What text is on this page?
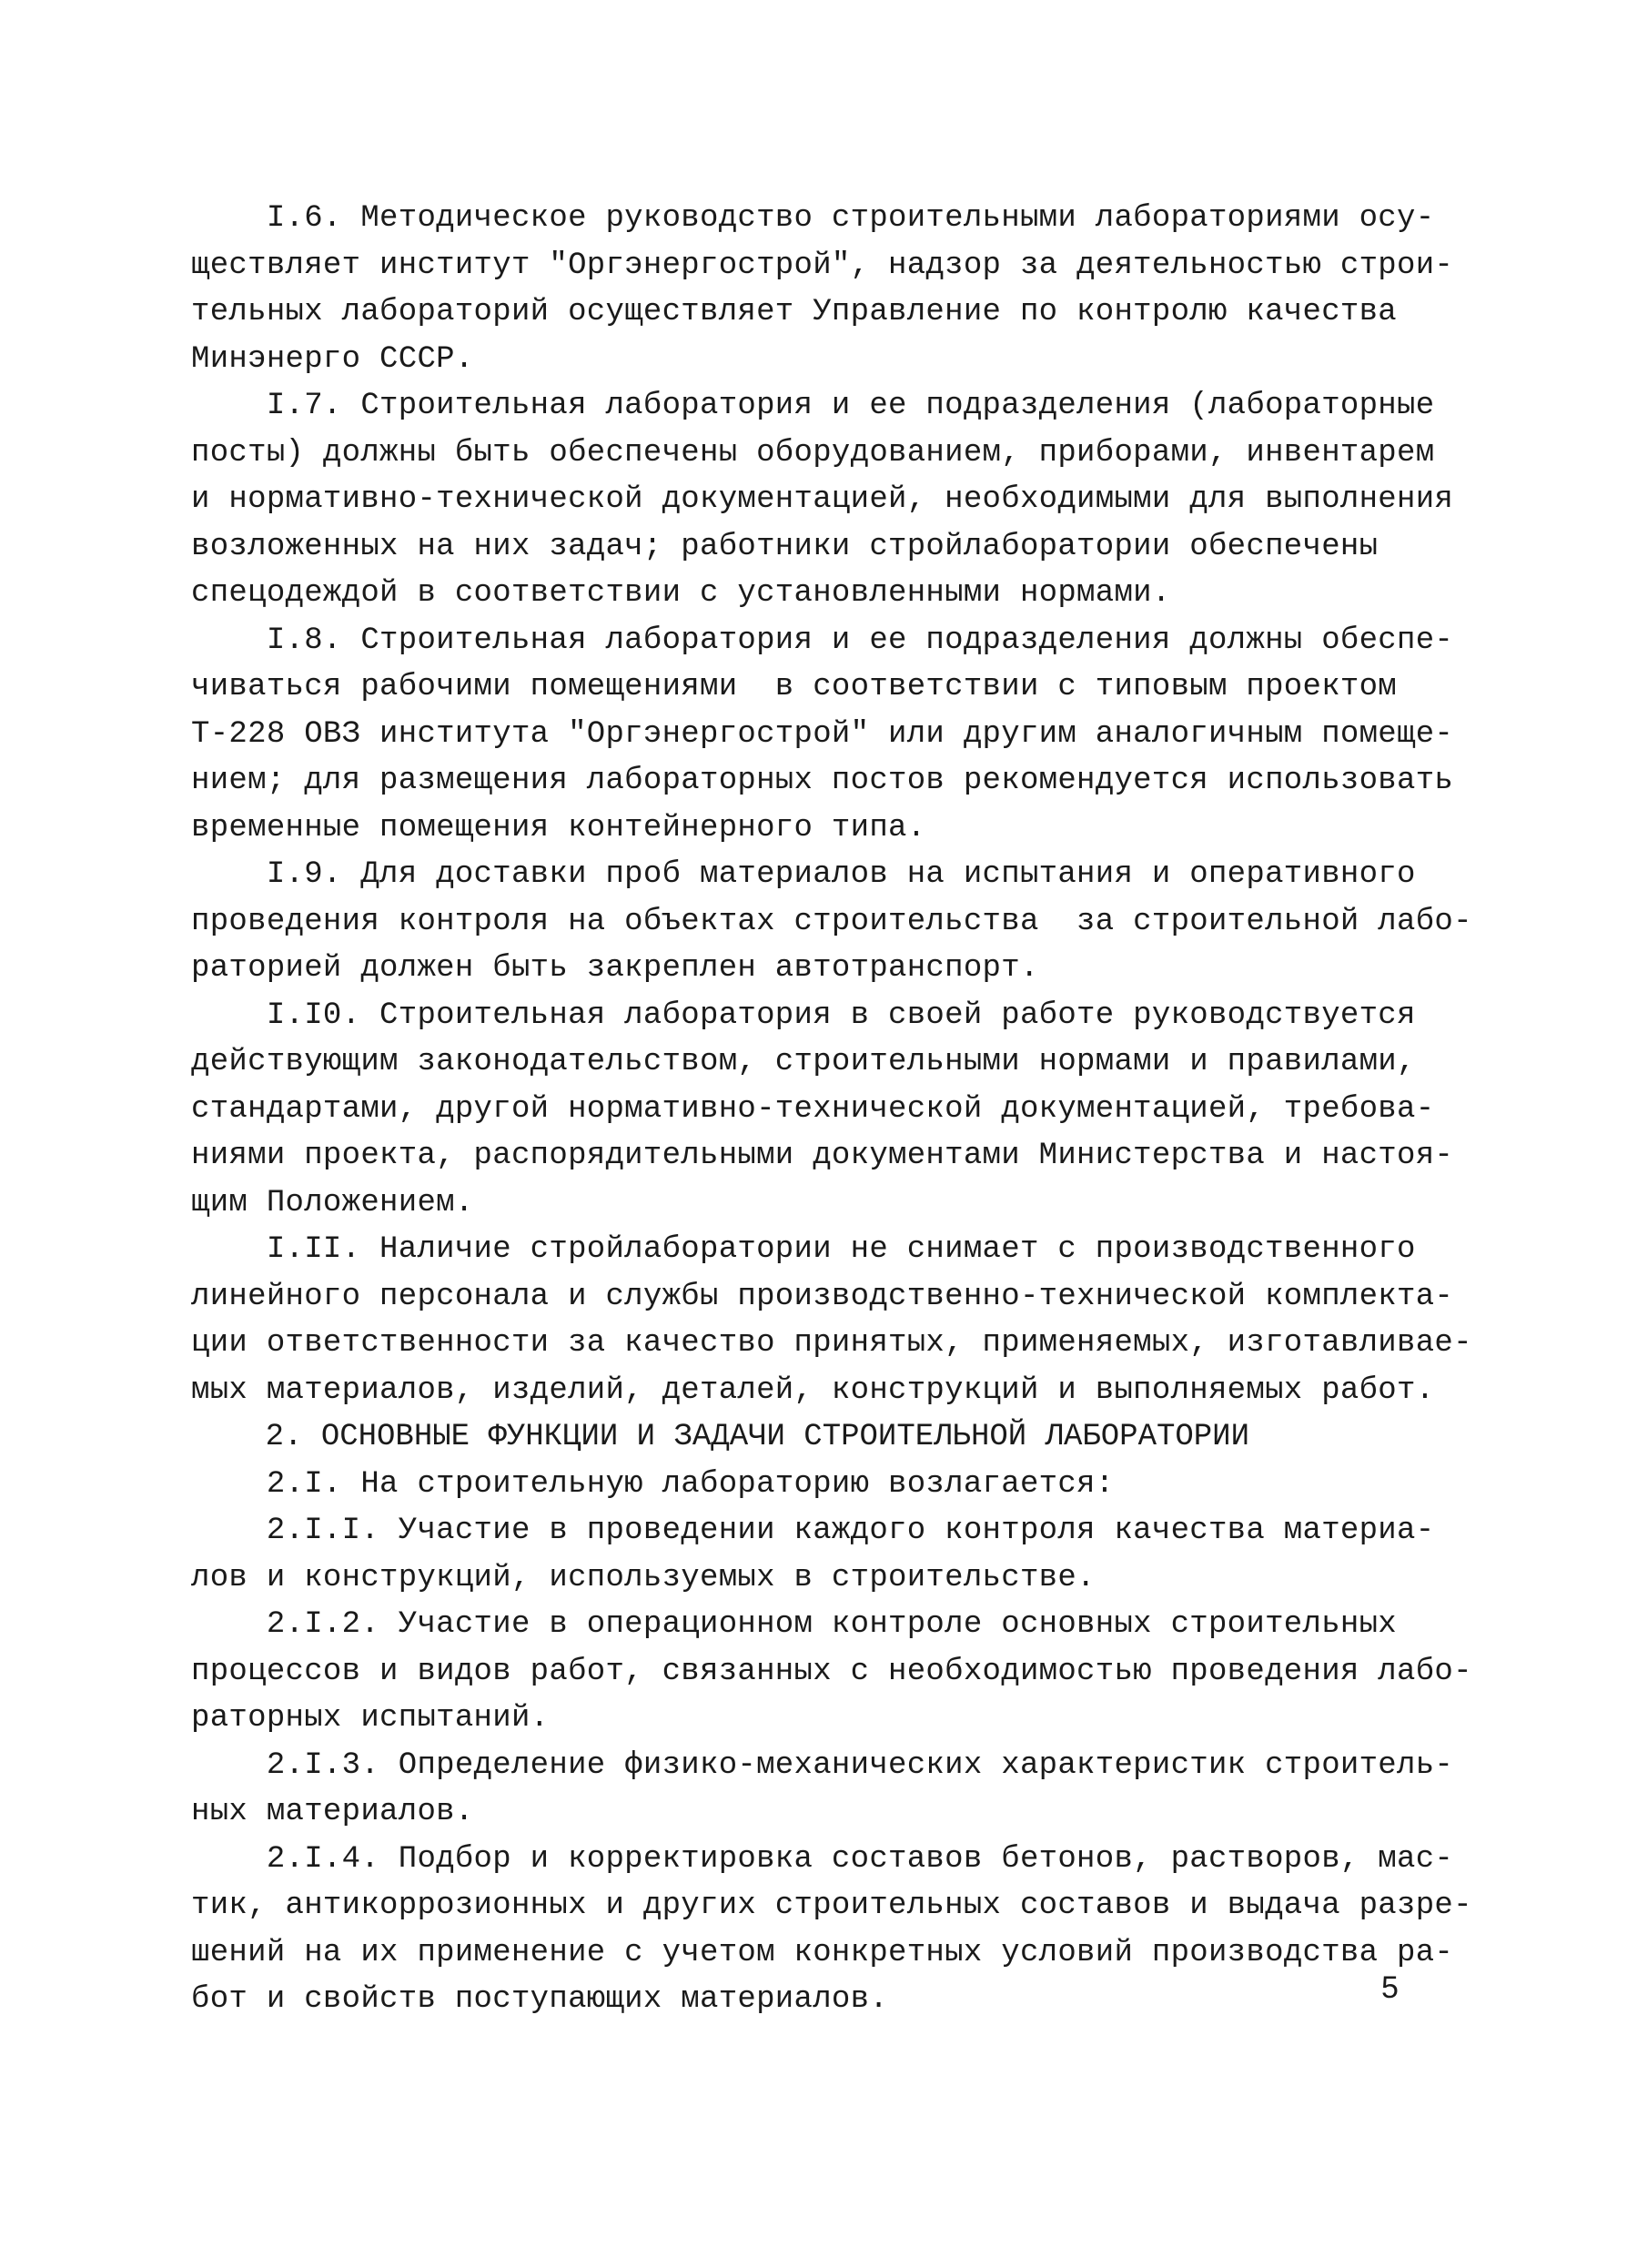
I.6. Методическое руководство строительными лабораториями осу-
ществляет институт "Оргэнергострой", надзор за деятельностью строи-
тельных лабораторий осуществляет Управление по контролю качества
Минэнерго СССР.
I.7. Строительная лаборатория и ее подразделения (лабораторные
посты) должны быть обеспечены оборудованием, приборами, инвентарем
и нормативно-технической документацией, необходимыми для выполнения
возложенных на них задач; работники стройлаборатории обеспечены
спецодеждой в соответствии с установленными нормами.
I.8. Строительная лаборатория и ее подразделения должны обеспе-
чиваться рабочими помещениями  в соответствии с типовым проектом
Т-228 ОВЗ института "Оргэнергострой" или другим аналогичным помеще-
нием; для размещения лабораторных постов рекомендуется использовать
временные помещения контейнерного типа.
I.9. Для доставки проб материалов на испытания и оперативного
проведения контроля на объектах строительства  за строительной лабо-
раторией должен быть закреплен автотранспорт.
I.I0. Строительная лаборатория в своей работе руководствуется
действующим законодательством, строительными нормами и правилами,
стандартами, другой нормативно-технической документацией, требова-
ниями проекта, распорядительными документами Министерства и настоя-
щим Положением.
I.II. Наличие стройлаборатории не снимает с производственного
линейного персонала и службы производственно-технической комплекта-
ции ответственности за качество принятых, применяемых, изготавливае-
мых материалов, изделий, деталей, конструкций и выполняемых работ.
2. ОСНОВНЫЕ ФУНКЦИИ И ЗАДАЧИ СТРОИТЕЛЬНОЙ ЛАБОРАТОРИИ
2.I. На строительную лабораторию возлагается:
2.I.I. Участие в проведении каждого контроля качества материа-
лов и конструкций, используемых в строительстве.
2.I.2. Участие в операционном контроле основных строительных
процессов и видов работ, связанных с необходимостью проведения лабо-
раторных испытаний.
2.I.3. Определение физико-механических характеристик строитель-
ных материалов.
2.I.4. Подбор и корректировка составов бетонов, растворов, мас-
тик, антикоррозионных и других строительных составов и выдача разре-
шений на их применение с учетом конкретных условий производства ра-
бот и свойств поступающих материалов.	5
